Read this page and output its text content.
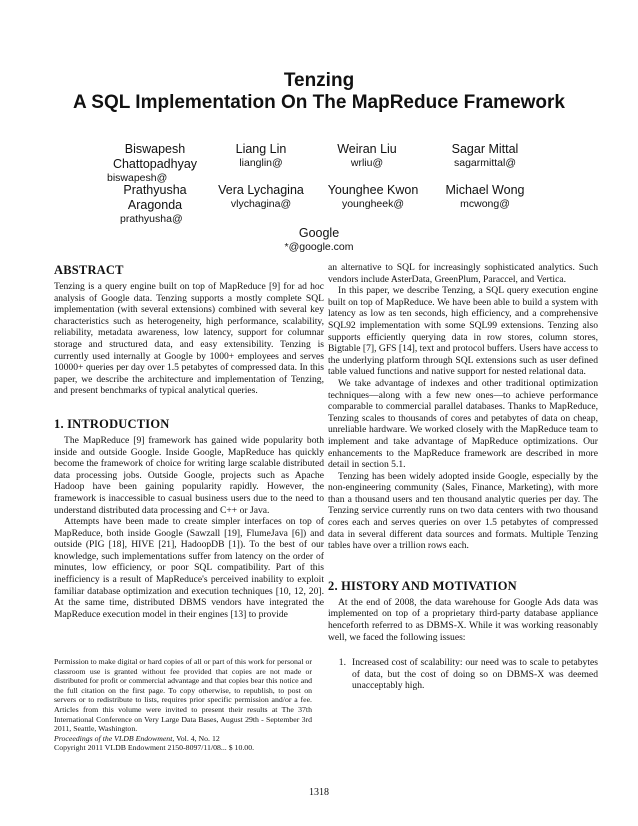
Tenzing
A SQL Implementation On The MapReduce Framework
Biswapesh
Chattopadhyay
biswapesh@
Liang Lin
lianglin@
Weiran Liu
wrliu@
Sagar Mittal
sagarmittal@
Prathyusha
Aragonda
prathyusha@
Vera Lychagina
vlychagina@
Younghee Kwon
youngheek@
Michael Wong
mcwong@
Google
*@google.com
ABSTRACT

Tenzing is a query engine built on top of MapReduce [9] for ad hoc analysis of Google data. Tenzing supports a mostly complete SQL implementation (with several extensions) combined with several key characteristics such as heterogeneity, high performance, scalability, reliability, metadata awareness, low latency, support for columnar storage and structured data, and easy extensibility. Tenzing is currently used internally at Google by 1000+ employees and serves 10000+ queries per day over 1.5 petabytes of compressed data. In this paper, we describe the architecture and implementation of Tenzing, and present benchmarks of typical analytical queries.

1. INTRODUCTION

The MapReduce [9] framework has gained wide popularity both inside and outside Google. Inside Google, MapReduce has quickly become the framework of choice for writing large scalable distributed data processing jobs. Outside Google, projects such as Apache Hadoop have been gaining popularity rapidly. However, the framework is inaccessible to casual business users due to the need to understand distributed data processing and C++ or Java.

Attempts have been made to create simpler interfaces on top of MapReduce, both inside Google (Sawzall [19], FlumeJava [6]) and outside (PIG [18], HIVE [21], HadoopDB [1]). To the best of our knowledge, such implementations suffer from latency on the order of minutes, low efficiency, or poor SQL compatibility. Part of this inefficiency is a result of MapReduce's perceived inability to exploit familiar database optimization and execution techniques [10, 12, 20]. At the same time, distributed DBMS vendors have integrated the MapReduce execution model in their engines [13] to provide

Permission to make digital or hard copies of all or part of this work for personal or classroom use is granted without fee provided that copies are not made or distributed for profit or commercial advantage and that copies bear this notice and the full citation on the first page. To copy otherwise, to republish, to post on servers or to redistribute to lists, requires prior specific permission and/or a fee. Articles from this volume were invited to present their results at The 37th International Conference on Very Large Data Bases, August 29th - September 3rd 2011, Seattle, Washington.
Proceedings of the VLDB Endowment, Vol. 4, No. 12
Copyright 2011 VLDB Endowment 2150-8097/11/08... $ 10.00.

an alternative to SQL for increasingly sophisticated analytics. Such vendors include AsterData, GreenPlum, Paraccel, and Vertica.

In this paper, we describe Tenzing, a SQL query execution engine built on top of MapReduce. We have been able to build a system with latency as low as ten seconds, high efficiency, and a comprehensive SQL92 implementation with some SQL99 extensions. Tenzing also supports efficiently querying data in row stores, column stores, Bigtable [7], GFS [14], text and protocol buffers. Users have access to the underlying platform through SQL extensions such as user defined table valued functions and native support for nested relational data.

We take advantage of indexes and other traditional optimization techniques—along with a few new ones—to achieve performance comparable to commercial parallel databases. Thanks to MapReduce, Tenzing scales to thousands of cores and petabytes of data on cheap, unreliable hardware. We worked closely with the MapReduce team to implement and take advantage of MapReduce optimizations. Our enhancements to the MapReduce framework are described in more detail in section 5.1.

Tenzing has been widely adopted inside Google, especially by the non-engineering community (Sales, Finance, Marketing), with more than a thousand users and ten thousand analytic queries per day. The Tenzing service currently runs on two data centers with two thousand cores each and serves queries on over 1.5 petabytes of compressed data in several different data sources and formats. Multiple Tenzing tables have over a trillion rows each.

2. HISTORY AND MOTIVATION

At the end of 2008, the data warehouse for Google Ads data was implemented on top of a proprietary third-party database appliance henceforth referred to as DBMS-X. While it was working reasonably well, we faced the following issues:

1. Increased cost of scalability: our need was to scale to petabytes of data, but the cost of doing so on DBMS-X was deemed unacceptably high.
1318
